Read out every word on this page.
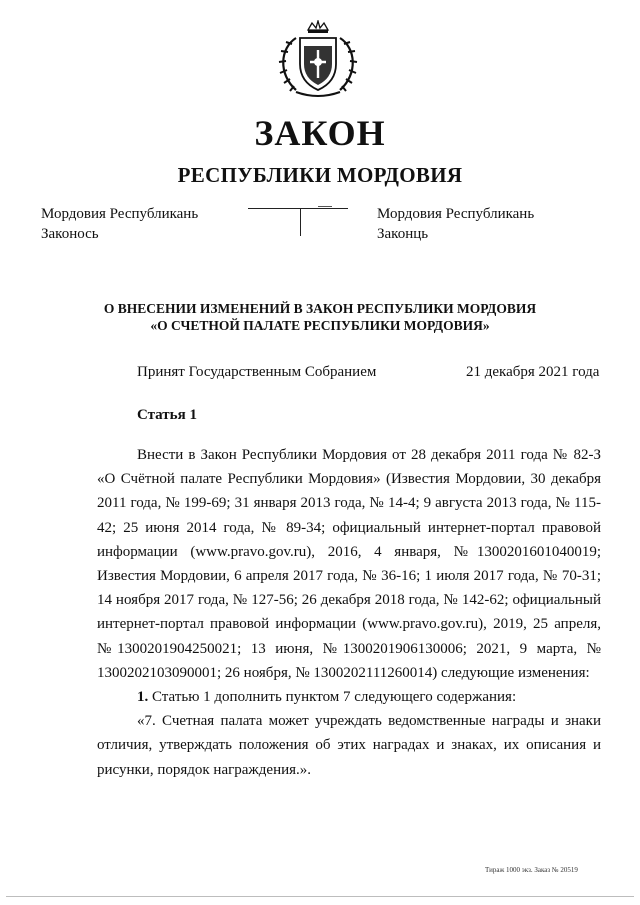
ЗАКОН
РЕСПУБЛИКИ МОРДОВИЯ
Мордовия Республикань
Законось
Мордовия Республикань
Законць
О ВНЕСЕНИИ ИЗМЕНЕНИЙ В ЗАКОН РЕСПУБЛИКИ МОРДОВИЯ
«О СЧЕТНОЙ ПАЛАТЕ РЕСПУБЛИКИ МОРДОВИЯ»
Принят Государственным Собранием	21 декабря 2021 года
Статья 1

Внести в Закон Республики Мордовия от 28 декабря 2011 года № 82-З «О Счётной палате Республики Мордовия» (Известия Мордовии, 30 декабря 2011 года, № 199-69; 31 января 2013 года, № 14-4; 9 августа 2013 года, № 115-42; 25 июня 2014 года, № 89-34; официальный интернет-портал правовой информации (www.pravo.gov.ru), 2016, 4 января, №1300201601040019; Известия Мордовии, 6 апреля 2017 года, № 36-16; 1 июля 2017 года, № 70-31; 14 ноября 2017 года, № 127-56; 26 декабря 2018 года, № 142-62; официальный интернет-портал правовой информации (www.pravo.gov.ru), 2019, 25 апреля, №1300201904250021; 13 июня, №1300201906130006; 2021, 9 марта, № 1300202103090001; 26 ноября, № 1300202111260014) следующие изменения:

1. Статью 1 дополнить пунктом 7 следующего содержания:

«7. Счетная палата может учреждать ведомственные награды и знаки отличия, утверждать положения об этих наградах и знаках, их описания и рисунки, порядок награждения.».

Тираж 1000 экз. Заказ № 20519
